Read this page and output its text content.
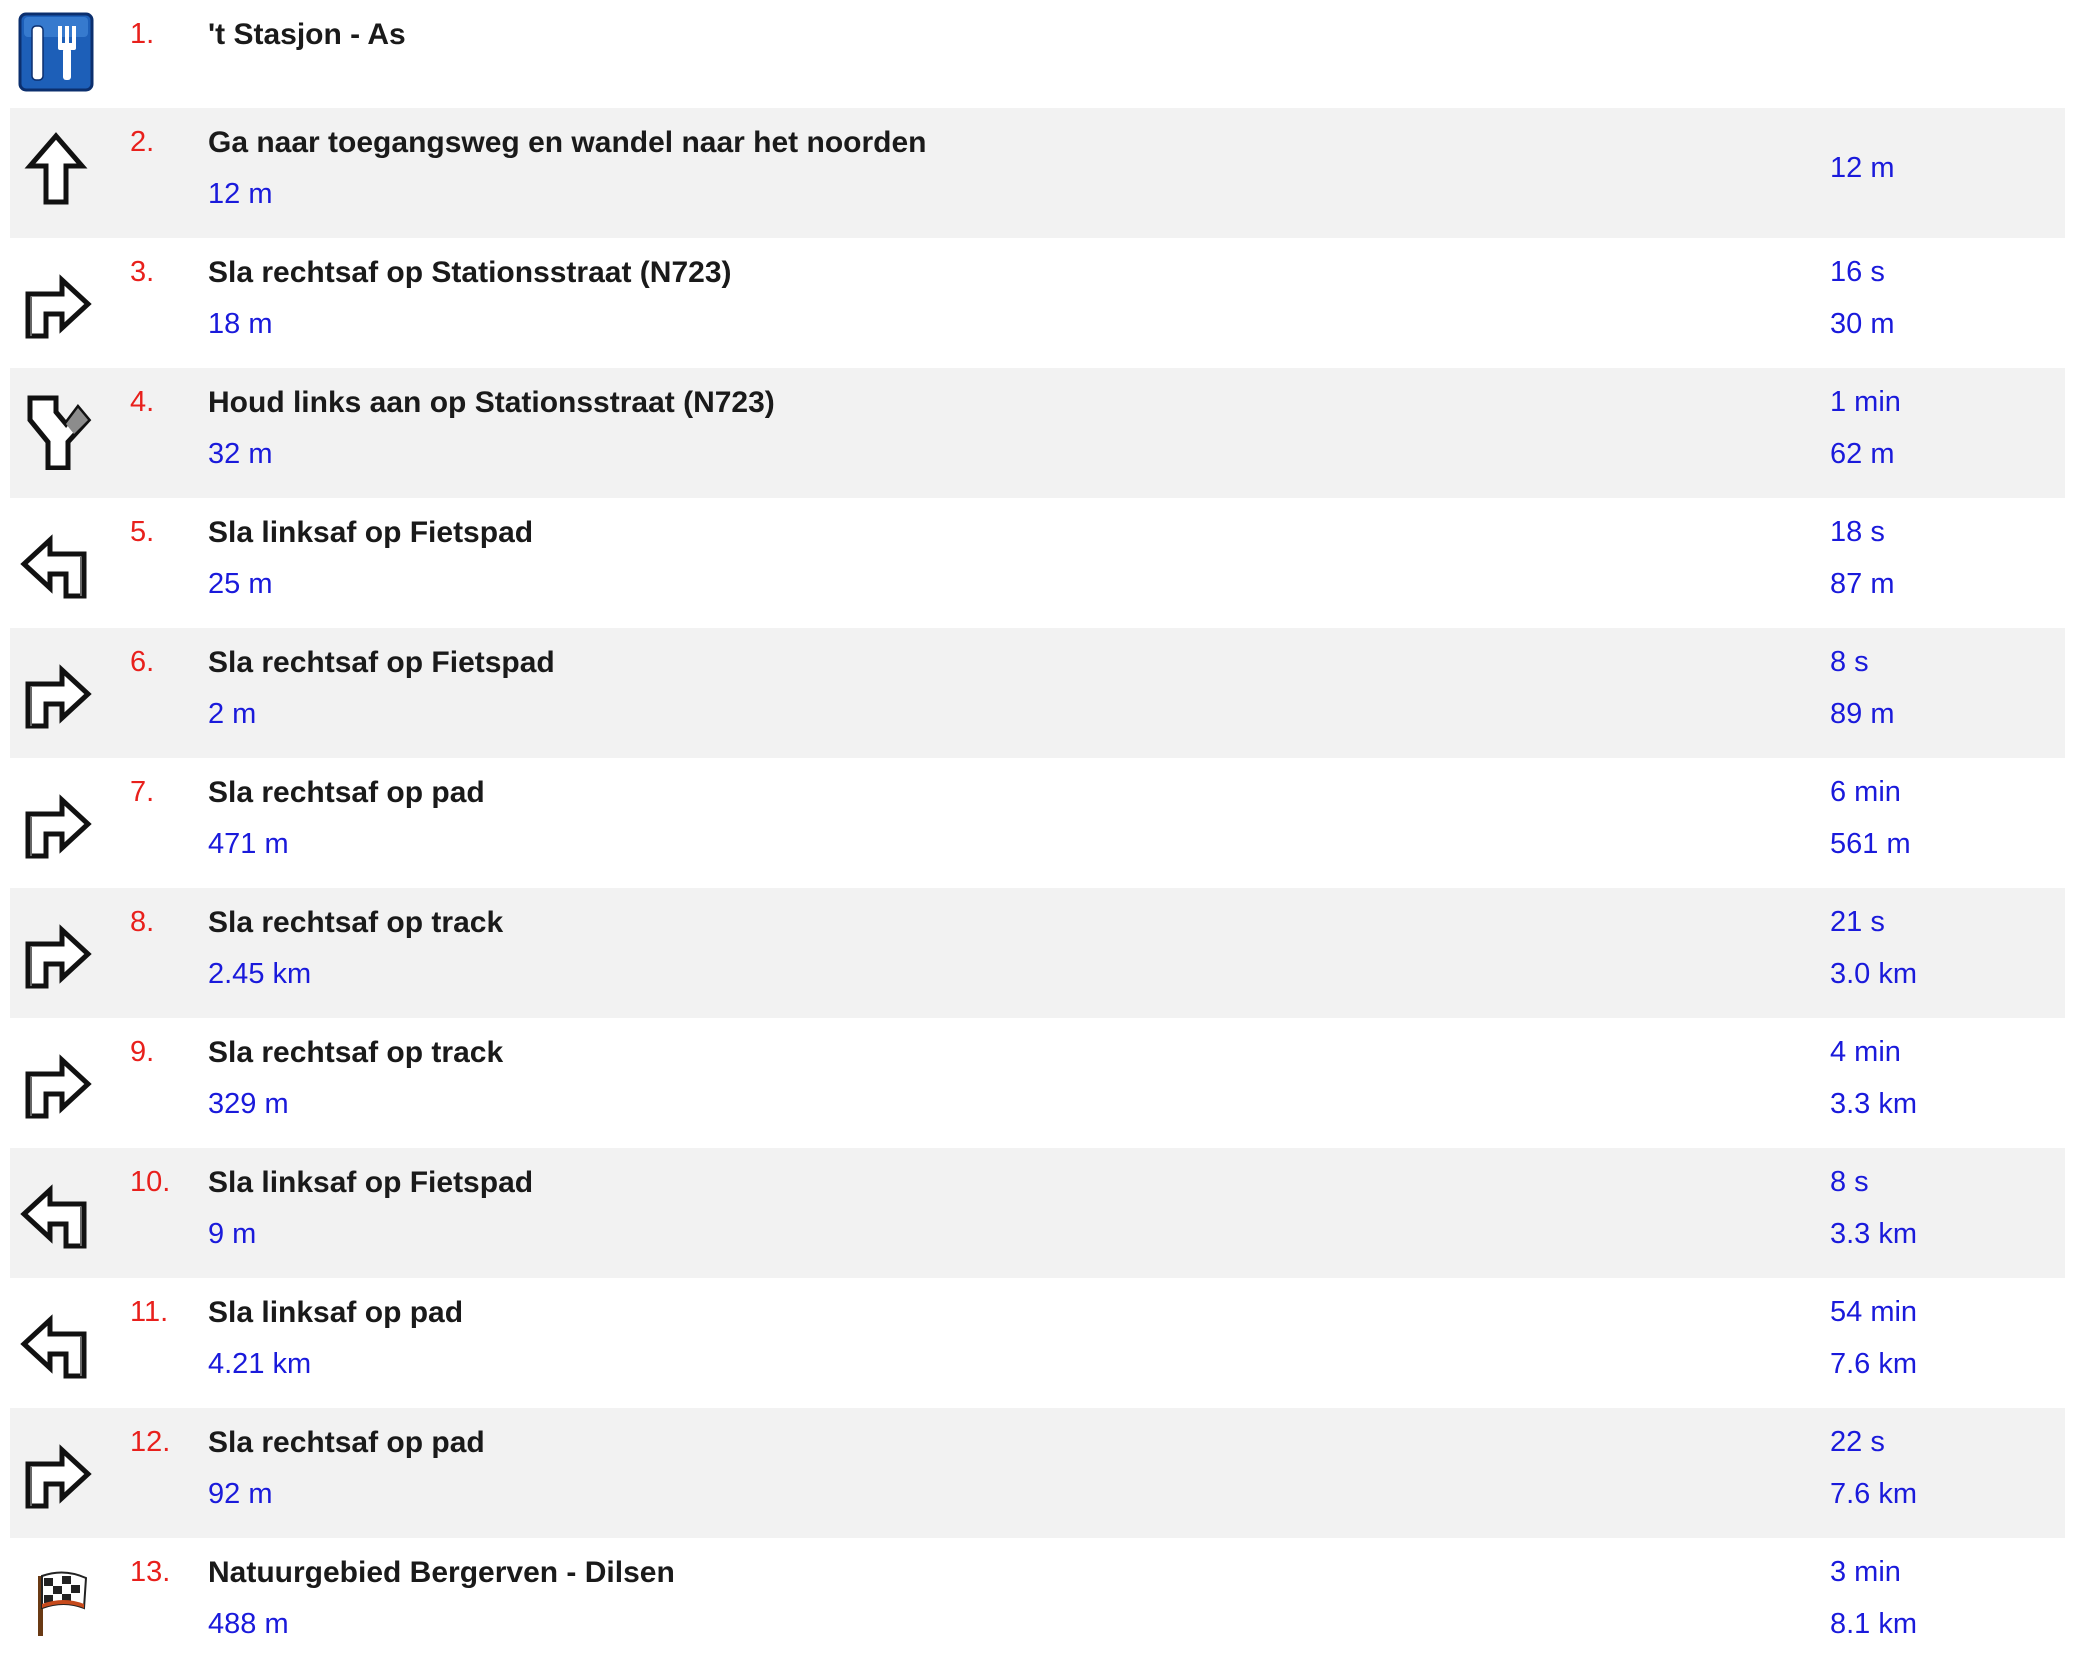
1. 't Stasjon - As
2. Ga naar toegangsweg en wandel naar het noorden
12 m
12 m
3. Sla rechtsaf op Stationsstraat (N723)
18 m
16 s
30 m
4. Houd links aan op Stationsstraat (N723)
32 m
1 min
62 m
5. Sla linksaf op Fietspad
25 m
18 s
87 m
6. Sla rechtsaf op Fietspad
2 m
8 s
89 m
7. Sla rechtsaf op pad
471 m
6 min
561 m
8. Sla rechtsaf op track
2.45 km
21 s
3.0 km
9. Sla rechtsaf op track
329 m
4 min
3.3 km
10. Sla linksaf op Fietspad
9 m
8 s
3.3 km
11. Sla linksaf op pad
4.21 km
54 min
7.6 km
12. Sla rechtsaf op pad
92 m
22 s
7.6 km
13. Natuurgebied Bergerven - Dilsen
488 m
3 min
8.1 km
